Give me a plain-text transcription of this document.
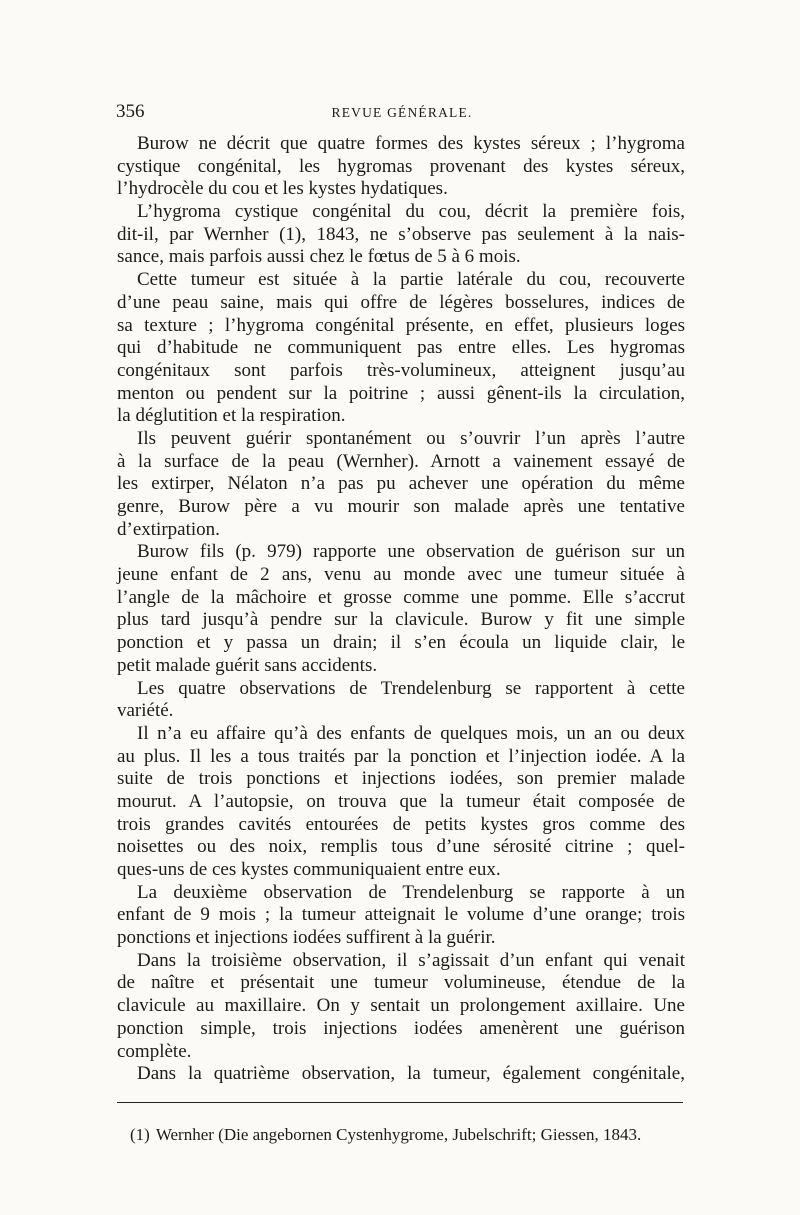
356	REVUE GÉNÉRALE.
Burow ne décrit que quatre formes des kystes séreux ; l’hygroma
cystique congénital, les hygromas provenant des kystes séreux,
l’hydrocèle du cou et les kystes hydatiques.
L’hygroma cystique congénital du cou, décrit la première fois,
dit-il, par Wernher (1), 1843, ne s’observe pas seulement à la nais-
sance, mais parfois aussi chez le fœtus de 5 à 6 mois.
Cette tumeur est située à la partie latérale du cou, recouverte
d’une peau saine, mais qui offre de légères bosselures, indices de
sa texture ; l’hygroma congénital présente, en effet, plusieurs loges
qui d’habitude ne communiquent pas entre elles. Les hygromas
congénitaux sont parfois très-volumineux, atteignent jusqu’au
menton ou pendent sur la poitrine ; aussi gênent-ils la circulation,
la déglutition et la respiration.
Ils peuvent guérir spontanément ou s’ouvrir l’un après l’autre
à la surface de la peau (Wernher). Arnott a vainement essayé de
les extirper, Nélaton n’a pas pu achever une opération du même
genre, Burow père a vu mourir son malade après une tentative
d’extirpation.
Burow fils (p. 979) rapporte une observation de guérison sur un
jeune enfant de 2 ans, venu au monde avec une tumeur située à
l’angle de la mâchoire et grosse comme une pomme. Elle s’accrut
plus tard jusqu’à pendre sur la clavicule. Burow y fit une simple
ponction et y passa un drain; il s’en écoula un liquide clair, le
petit malade guérit sans accidents.
Les quatre observations de Trendelenburg se rapportent à cette
variété.
Il n’a eu affaire qu’à des enfants de quelques mois, un an ou deux
au plus. Il les a tous traités par la ponction et l’injection iodée. A la
suite de trois ponctions et injections iodées, son premier malade
mourut. A l’autopsie, on trouva que la tumeur était composée de
trois grandes cavités entourées de petits kystes gros comme des
noisettes ou des noix, remplis tous d’une sérosité citrine ; quel-
ques-uns de ces kystes communiquaient entre eux.
La deuxième observation de Trendelenburg se rapporte à un
enfant de 9 mois ; la tumeur atteignait le volume d’une orange; trois
ponctions et injections iodées suffirent à la guérir.
Dans la troisième observation, il s’agissait d’un enfant qui venait
de naître et présentait une tumeur volumineuse, étendue de la
clavicule au maxillaire. On y sentait un prolongement axillaire. Une
ponction simple, trois injections iodées amenèrent une guérison
complète.
Dans la quatrième observation, la tumeur, également congénitale,
(1) Wernher (Die angebornen Cystenhygrome, Jubelschrift; Giessen, 1843.
